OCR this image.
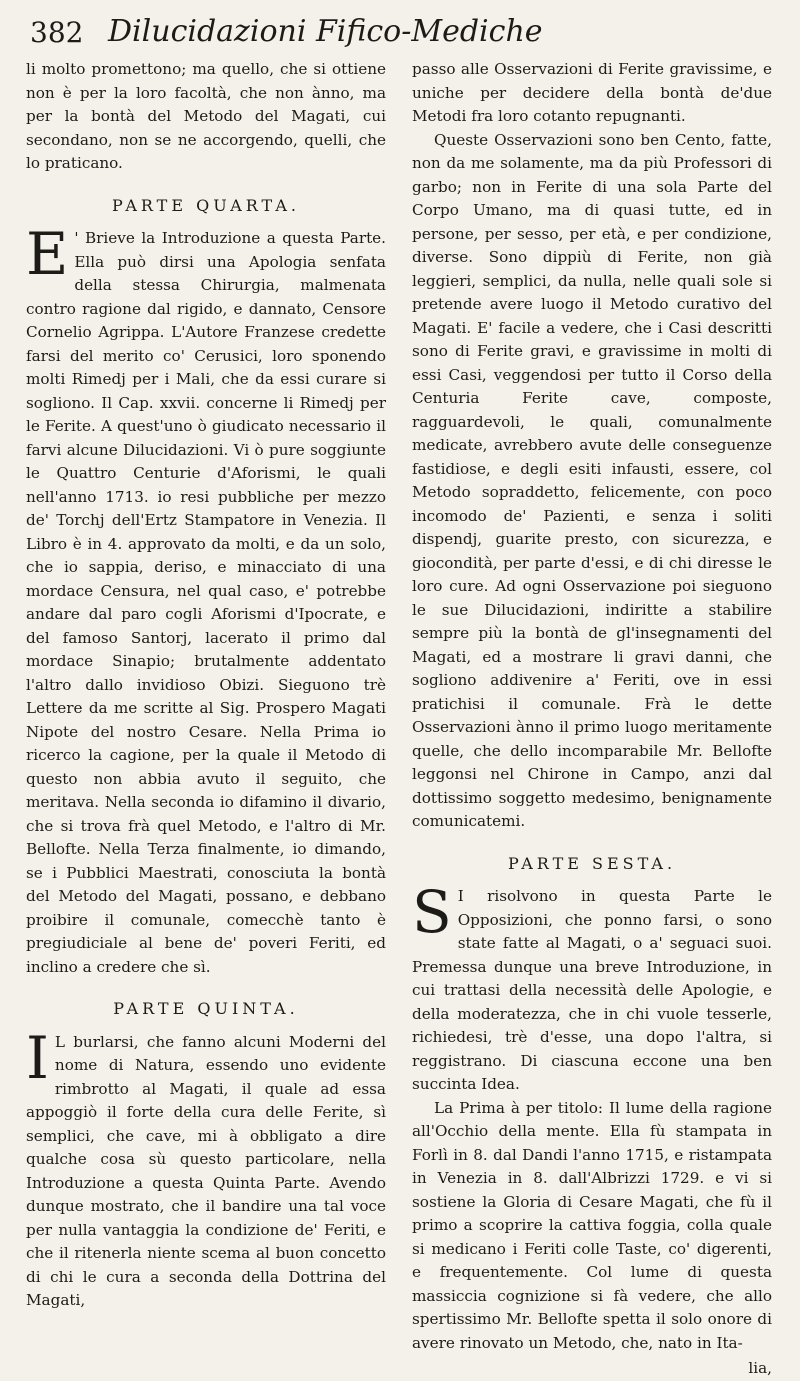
382 Dilucidazioni Fifico-Mediche

li molto promettono; ma quello, che si ottiene non è per la loro facoltà, che non ànno, ma per la bontà del Metodo del Magati, cui secondano, non se ne accorgendo, quelli, che lo praticano.

PARTE QUARTA.

E ' Brieve la Introduzione a questa Parte. Ella può dirsi una Apologia senfata della stessa Chirurgia, malmenata contro ragione dal rigido, e dannato, Censore Cornelio Agrippa. L'Autore Franzese credette farsi del merito co' Cerusici, loro sponendo molti Rimedj per i Mali, che da essi curare si sogliono. Il Cap. xxvii. concerne li Rimedj per le Ferite. A quest'uno ò giudicato necessario il farvi alcune Dilucidazioni. Vi ò pure soggiunte le Quattro Centurie d'Aforismi, le quali nell'anno 1713. io resi pubbliche per mezzo de' Torchj dell'Ertz Stampatore in Venezia. Il Libro è in 4. approvato da molti, e da un solo, che io sappia, deriso, e minacciato di una mordace Censura, nel qual caso, e' potrebbe andare dal paro cogli Aforismi d'Ipocrate, e del famoso Santorj, lacerato il primo dal mordace Sinapio; brutalmente addentato l'altro dallo invidioso Obizi. Sieguono trè Lettere da me scritte al Sig. Prospero Magati Nipote del nostro Cesare. Nella Prima io ricerco la cagione, per la quale il Metodo di questo non abbia avuto il seguito, che meritava. Nella seconda io difamino il divario, che si trova frà quel Metodo, e l'altro di Mr. Bellofte. Nella Terza finalmente, io dimando, se i Pubblici Maestrati, conosciuta la bontà del Metodo del Magati, possano, e debbano proibire il comunale, comecchè tanto è pregiudiciale al bene de' poveri Feriti, ed inclino a credere che sì.

PARTE QUINTA.

I L burlarsi, che fanno alcuni Moderni del nome di Natura, essendo uno evidente rimbrotto al Magati, il quale ad essa appoggiò il forte della cura delle Ferite, sì semplici, che cave, mi à obbligato a dire qualche cosa sù questo particolare, nella Introduzione a questa Quinta Parte. Avendo dunque mostrato, che il bandire una tal voce per nulla vantaggia la condizione de' Feriti, e che il ritenerla niente scema al buon concetto di chi le cura a seconda della Dottrina del Magati,

passo alle Osservazioni di Ferite gravissime, e uniche per decidere della bontà de'due Metodi fra loro cotanto repugnanti.

Queste Osservazioni sono ben Cento, fatte, non da me solamente, ma da più Professori di garbo; non in Ferite di una sola Parte del Corpo Umano, ma di quasi tutte, ed in persone, per sesso, per età, e per condizione, diverse. Sono dippiù di Ferite, non già leggieri, semplici, da nulla, nelle quali sole si pretende avere luogo il Metodo curativo del Magati. E' facile a vedere, che i Casi descritti sono di Ferite gravi, e gravissime in molti di essi Casi, veggendosi per tutto il Corso della Centuria Ferite cave, composte, ragguardevoli, le quali, comunalmente medicate, avrebbero avute delle conseguenze fastidiose, e degli esiti infausti, essere, col Metodo sopraddetto, felicemente, con poco incomodo de' Pazienti, e senza i soliti dispendj, guarite presto, con sicurezza, e giocondità, per parte d'essi, e di chi diresse le loro cure. Ad ogni Osservazione poi sieguono le sue Dilucidazioni, indiritte a stabilire sempre più la bontà de gl'insegnamenti del Magati, ed a mostrare li gravi danni, che sogliono addivenire a' Feriti, ove in essi pratichisi il comunale. Frà le dette Osservazioni ànno il primo luogo meritamente quelle, che dello incomparabile Mr. Bellofte leggonsi nel Chirone in Campo, anzi dal dottissimo soggetto medesimo, benignamente comunicatemi.

PARTE SESTA.

S I risolvono in questa Parte le Opposizioni, che ponno farsi, o sono state fatte al Magati, o a' seguaci suoi. Premessa dunque una breve Introduzione, in cui trattasi della necessità delle Apologie, e della moderatezza, che in chi vuole tesserle, richiedesi, trè d'esse, una dopo l'altra, si reggistrano. Di ciascuna eccone una ben succinta Idea.

La Prima à per titolo: Il lume della ragione all'Occhio della mente. Ella fù stampata in Forlì in 8. dal Dandi l'anno 1715, e ristampata in Venezia in 8. dall'Albrizzi 1729. e vi si sostiene la Gloria di Cesare Magati, che fù il primo a scoprire la cattiva foggia, colla quale si medicano i Feriti colle Taste, co' digerenti, e frequentemente. Col lume di questa massiccia cognizione si fà vedere, che allo spertissimo Mr. Bellofte spetta il solo onore di avere rinovato un Metodo, che, nato in Ita-

lia,
